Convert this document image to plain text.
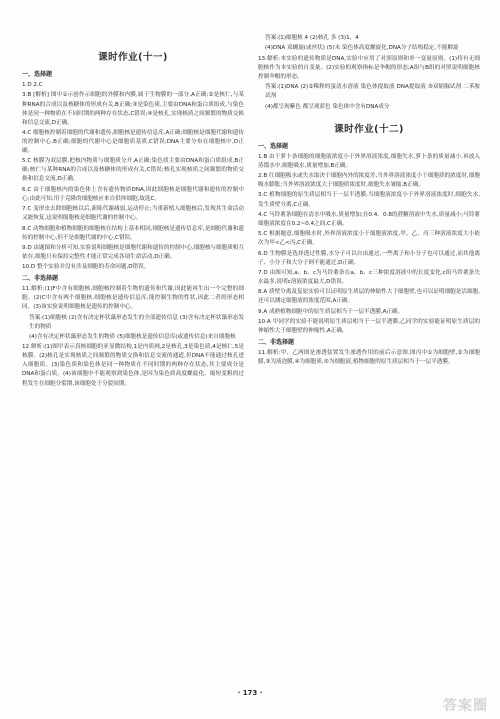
课时作业(十一)
一、选择题

1.D 2.C

3.B [解析] 图中①示创作示细胞的外膜和内膜,属于生物膜的一部分,A正确;②是核仁,与某种RNA的合成以及核糖体的形成有关,B正确;③是染色质,主要由DNA和蛋白质组成,与染色体是同一种物质在不同时期的两种存在状态,C错误;④是核孔,实现核质之间频繁的物质交换和信息交流,D正确。

4.C 细胞核控制着细胞的代谢和遗传,细胞核是遗传信息库,A正确;细胞核是细胞代谢和遗传的控制中心,B正确;细胞的代谢中心是细胞质基质,C错误;DNA主要分布在细胞核中,D正确。

5.C 核膜为双层膜,把核内物质与细胞质分开,A正确;染色质主要由DNA和蛋白质组成,B正确;核仁与某种RNA的合成以及核糖体的形成有关,C错误;核孔实现核质之间频繁的物质交换和信息交流,D正确。

6.C 由于细胞核内的染色体上含有遗传物质DNA,因此细胞核是细胞代谢和遗传的控制中心;由此可知,用于克隆的细胞核应来自供体细胞,故选C。

7.C 变形虫去除细胞核以后,新陈代谢减弱,运动停止;当重新植入细胞核后,发现其生命活动又能恢复,这说明细胞核是细胞代谢的控制中心。

8.C 动物细胞和植物细胞的细胞核在结构上基本相同,细胞核是遗传信息库,是细胞代谢和遗传的控制中心,但不是细胞代谢的中心,C错误。

9.D 由题图和分析可知,实验说明细胞核是细胞代谢和遗传的控制中心,细胞核与细胞质相互依存,细胞只有保持完整性才能正常完成各项生命活动,D正确。

10.D 整个实验并没有涉及细胞的寿命问题,D错误。

二、非选择题

11.解析:(1)F中含有细胞核,细胞核控制着生物的遗传和代谢,因此能再生出一个完整的细胞。(2)C中含有两个细胞核,细胞核是遗传信息库,能控制生物的性状,因此二者的形态相同。(3)该实验说明细胞核是遗传的控制中心。

答案:(1)细胞核 (2)含有决定杯状藻形态发生的全部遗传信息 (3)含有决定杯状藻形态发生的物质

(4)含有决定杯状藻形态发生的物质 (5)细胞核是遗传信息库(或遗传信息)来自细胞核

12.解析:(1)图甲表示真核细胞的亚显微结构,1是内质网,2是核孔,3是染色质,4是核仁,5是核膜。(2)核孔是实现核质之间频繁的物质交换和信息交流的通道,但DNA不能通过核孔进入细胞质。(3)染色质和染色体是同一种物质在不同时期的两种存在状态,其主要成分是DNA和蛋白质。(4)该细胞中不能观察到染色体,是因为染色质高度螺旋化、缩短变粗的过程发生在细胞分裂期,该细胞处于分裂间期。

答案:(1)细胞核 4 (2)核孔 多 (3)1、4

(4)DNA 双螺旋(或丝状) (5)末 染色体高度螺旋化,DNA分子结构稳定,不能解旋

13.解析:本实验的遗传物质是DNA,实验中应用了对照原则和单一变量原则。(1)将有无细胞核作为本实验的自变量。(2)实验的观察指标是伞帽的形态;A组与B组的对照说明细胞核控制伞帽的形态。

答案:(1)DNA (2)②稀释的蛋清水溶液 染色体提取液 DNA提取液 ③双缩脲试剂 二苯胺试剂

(4)都呈现紫色 都呈现蓝色 染色体中含有DNA成分

课时作业(十二)
一、选择题

1.B 由于萝卜条细胞的细胞液浓度小于外界溶液浓度,细胞失水,萝卜条的质量减小,再放入蒸馏水中,细胞吸水,质量增加,B正确。

2.B 红细胞吸水或失水取决于细胞内外的浓度差,当外界溶液浓度小于细胞质的浓度时,细胞吸水膨胀;当外界溶液浓度大于细胞质浓度时,细胞失水皱缩,B正确。

3.C 植物细胞的原生质层相当于一层半透膜,当细胞液浓度小于外界溶液浓度时,细胞失水,发生质壁分离,C正确。

4.C 马铃薯条细胞在清水中吸水,质量增加;在0.4、0.8的蔗糖溶液中失水,质量减小;马铃薯细胞液浓度在0.2~0.4之间,C正确。

5.C 根据题意,细胞吸水时,外界溶液浓度小于细胞液浓度,甲、乙、丙三种溶液浓度大小依次为甲<乙<丙,C正确。

6.D 生物膜是选择透过性膜,水分子可以自由通过,一些离子和小分子也可以通过,而其他离子、小分子和大分子则不能通过,D正确。

7.D 由图可知,a、b、c为马铃薯条在a、b、c三种浓度溶液中的长度变化,c组马铃薯条失水最多,说明c溶液浓度最大,D错误。

8.A 质壁分离及复原实验可以证明原生质层的伸缩性大于细胞壁,也可以证明细胞是活细胞,还可以测定细胞液的浓度范围,A正确。

9.A 成熟植物细胞中的原生质层相当于一层半透膜,A正确。

10.A 甲同学的实验不能说明原生质层相当于一层半透膜,乙同学的实验能证明原生质层的伸缩性大于细胞壁的伸缩性,A正确。

二、非选择题

11.解析:甲、乙两图是渗透装置发生渗透作用的前后示意图,图丙中①为细胞壁,②为细胞膜,③为液泡膜,④为细胞质,⑤为细胞液,植物细胞的原生质层相当于一层半透膜。

· 173 ·
答案圈
